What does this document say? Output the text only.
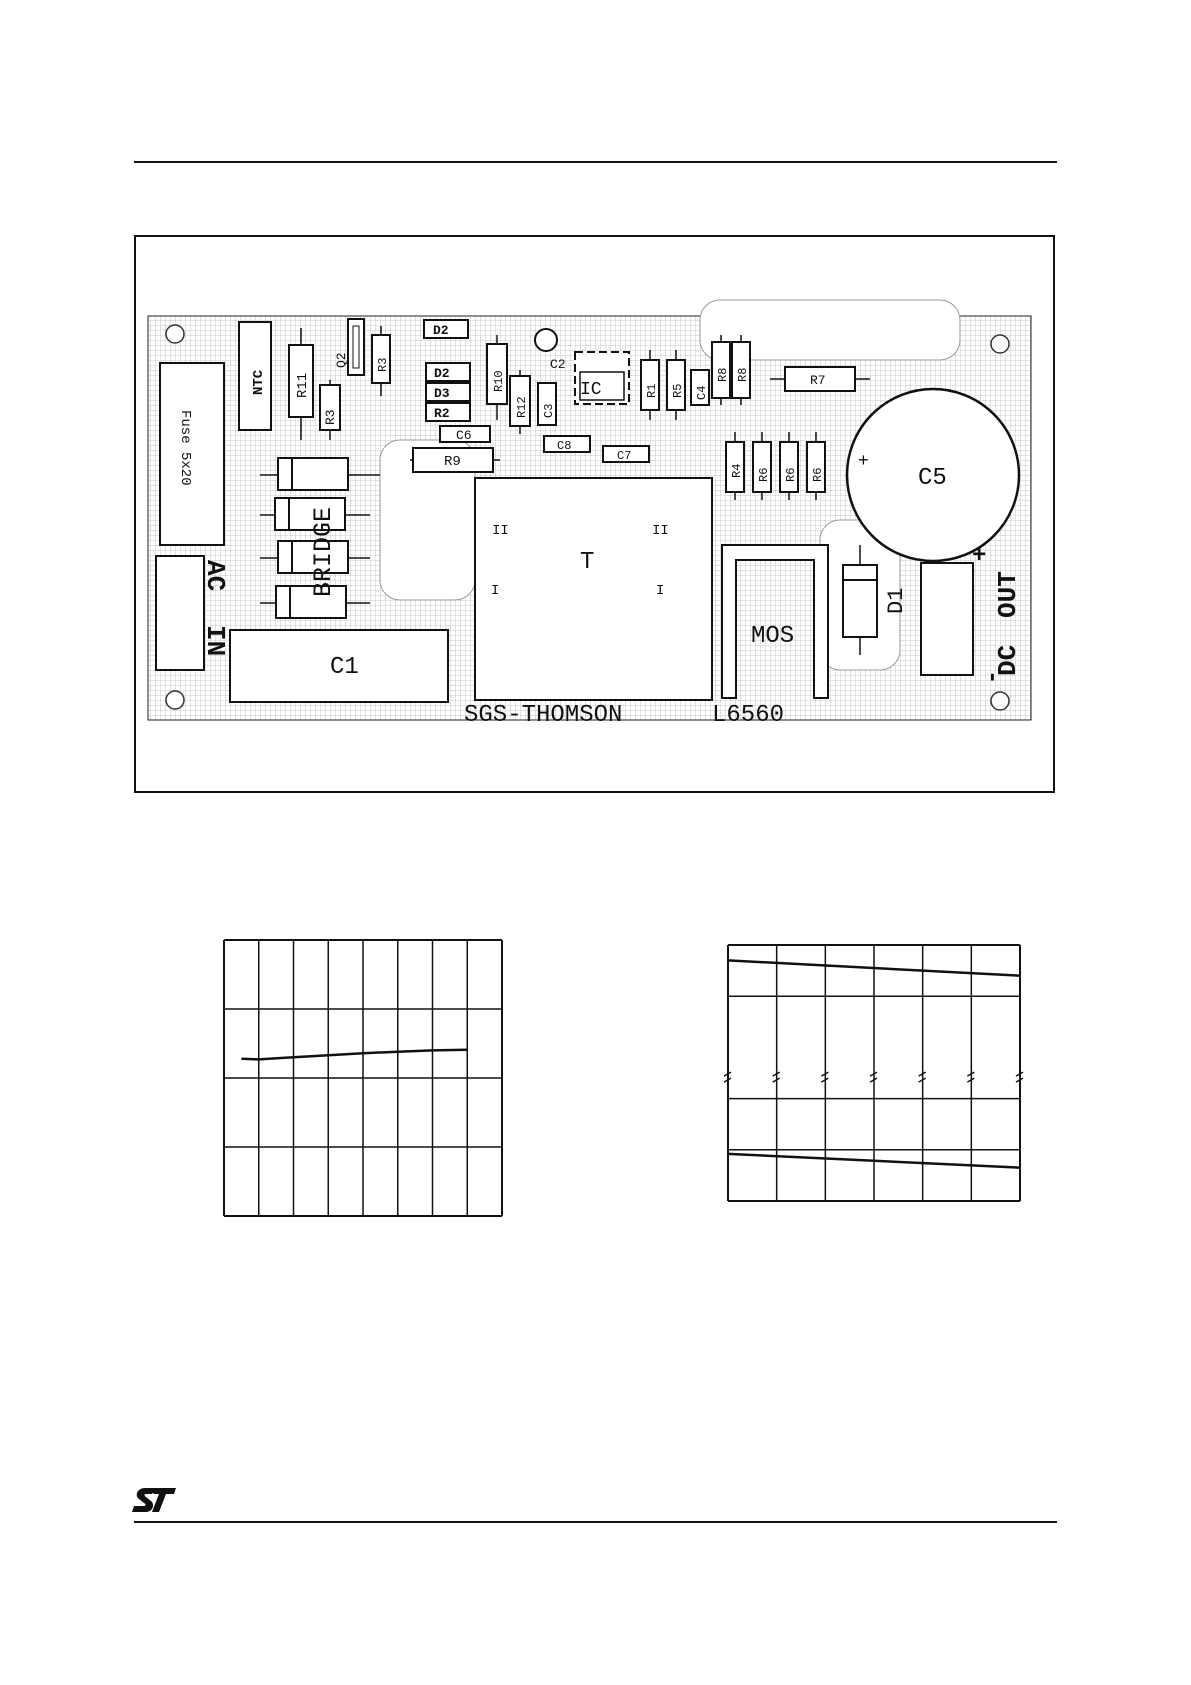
AC
IN
Fuse 5x20
NTC R11
R3
Q2 R3
D2
D2
D3
R2
C6
R9
R10
R12
C2
C3
IC
C8
C7
R1 R5 C4
R8 R8	R7
R4 R6 R6 R6
+
C5
BRIDGE
C1
T
II	II
I	I
MOS
D1
DC
OUT
+
-
SGS-THOMSON	L6560
